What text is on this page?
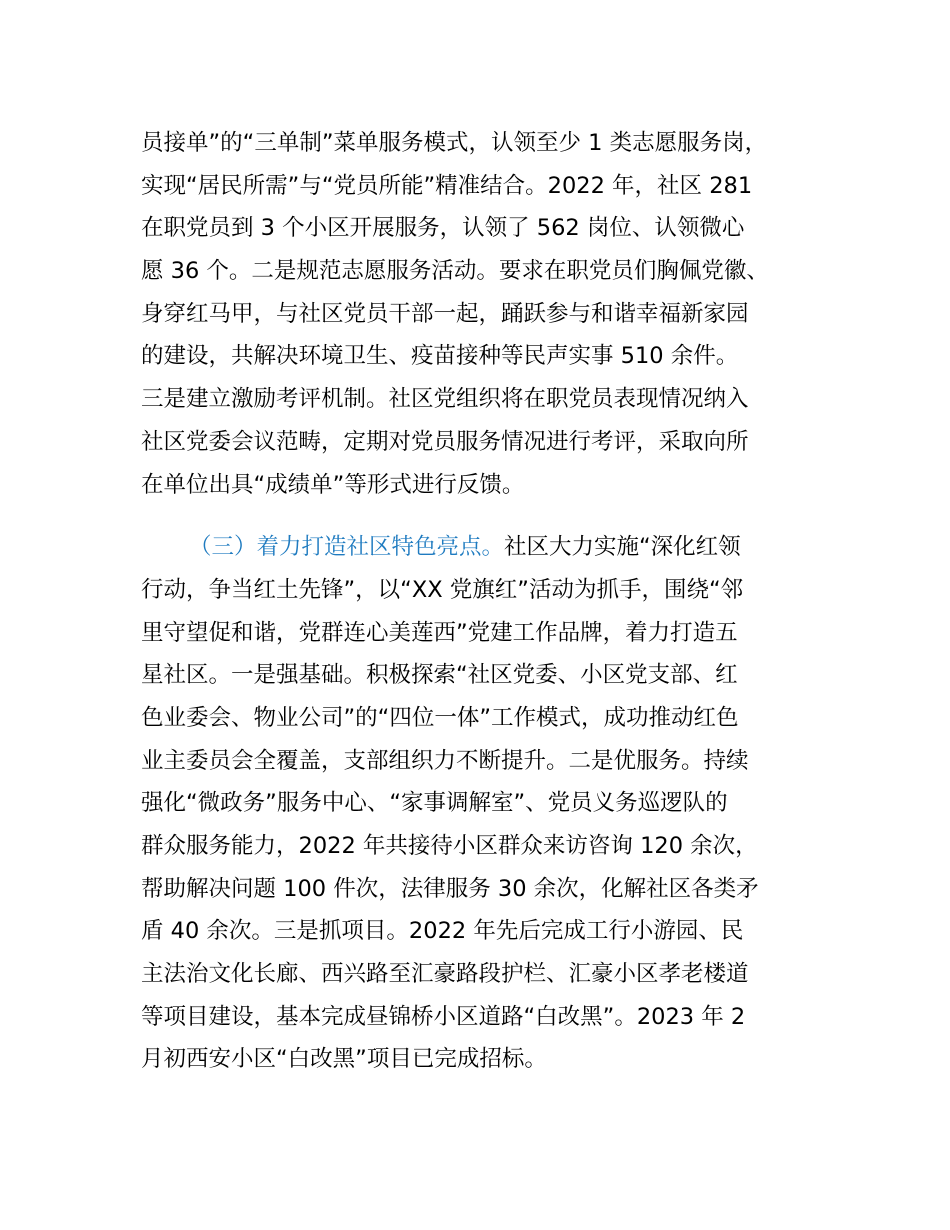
员接单”的“三单制”菜单服务模式，认领至少 1 类志愿服务岗，
实现“居民所需”与“党员所能”精准结合。2022 年，社区 281
在职党员到 3 个小区开展服务，认领了 562 岗位、认领微心
愿 36 个。二是规范志愿服务活动。要求在职党员们胸佩党徽、
身穿红马甲，与社区党员干部一起，踊跃参与和谐幸福新家园
的建设，共解决环境卫生、疫苗接种等民声实事 510 余件。
三是建立激励考评机制。社区党组织将在职党员表现情况纳入
社区党委会议范畴，定期对党员服务情况进行考评，采取向所
在单位出具“成绩单”等形式进行反馈。
（三）着力打造社区特色亮点。社区大力实施“深化红领
行动，争当红土先锋”，以“XX 党旗红”活动为抓手，围绕“邻
里守望促和谐，党群连心美莲西”党建工作品牌，着力打造五
星社区。一是强基础。积极探索“社区党委、小区党支部、红
色业委会、物业公司”的“四位一体”工作模式，成功推动红色
业主委员会全覆盖，支部组织力不断提升。二是优服务。持续
强化“微政务”服务中心、“家事调解室”、党员义务巡逻队的
群众服务能力，2022 年共接待小区群众来访咨询 120 余次，
帮助解决问题 100 件次，法律服务 30 余次，化解社区各类矛
盾 40 余次。三是抓项目。2022 年先后完成工行小游园、民
主法治文化长廊、西兴路至汇豪路段护栏、汇豪小区孝老楼道
等项目建设，基本完成昼锦桥小区道路“白改黑”。2023 年 2
月初西安小区“白改黑”项目已完成招标。
